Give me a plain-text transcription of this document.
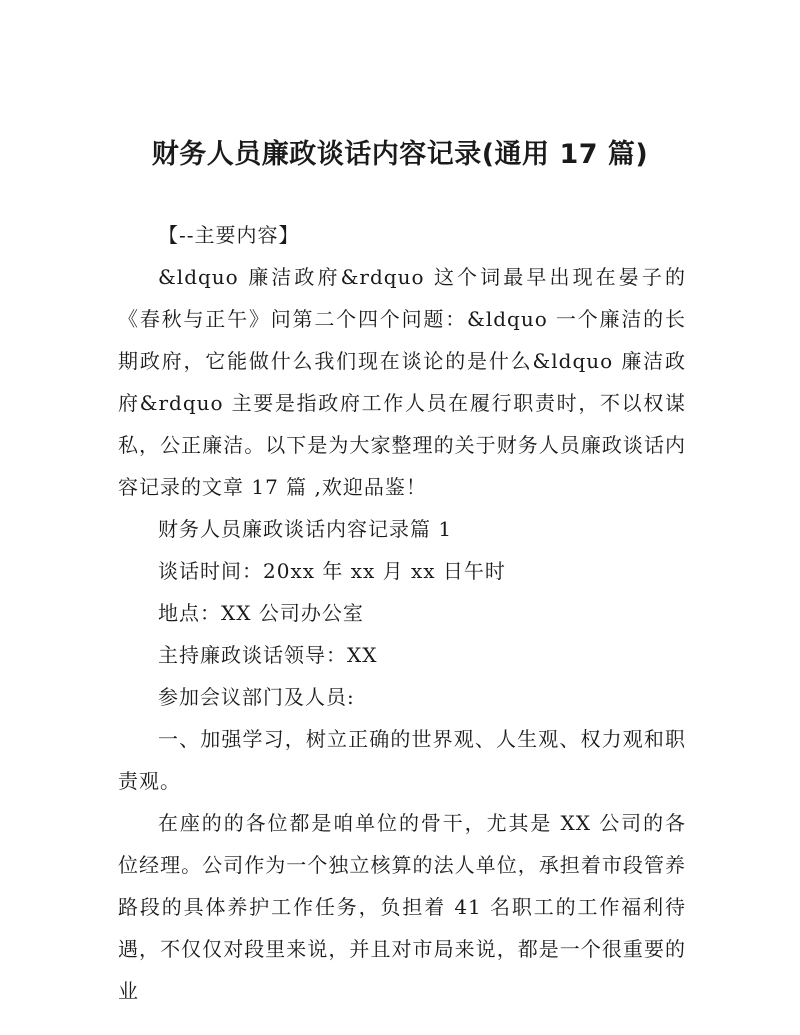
财务人员廉政谈话内容记录(通用 17 篇)

【--主要内容】

&ldquo 廉洁政府&rdquo 这个词最早出现在晏子的《春秋与正午》问第二个四个问题：&ldquo 一个廉洁的长期政府，它能做什么我们现在谈论的是什么&ldquo 廉洁政府&rdquo 主要是指政府工作人员在履行职责时，不以权谋私，公正廉洁。以下是为大家整理的关于财务人员廉政谈话内容记录的文章 17 篇 ,欢迎品鉴！

财务人员廉政谈话内容记录篇 1

谈话时间：20xx 年 xx 月 xx 日午时

地点：XX 公司办公室

主持廉政谈话领导：XX

参加会议部门及人员:

一、加强学习，树立正确的世界观、人生观、权力观和职责观。

在座的的各位都是咱单位的骨干，尤其是 XX 公司的各位经理。公司作为一个独立核算的法人单位，承担着市段管养路段的具体养护工作任务，负担着 41 名职工的工作福利待遇，不仅仅对段里来说，并且对市局来说，都是一个很重要的业
